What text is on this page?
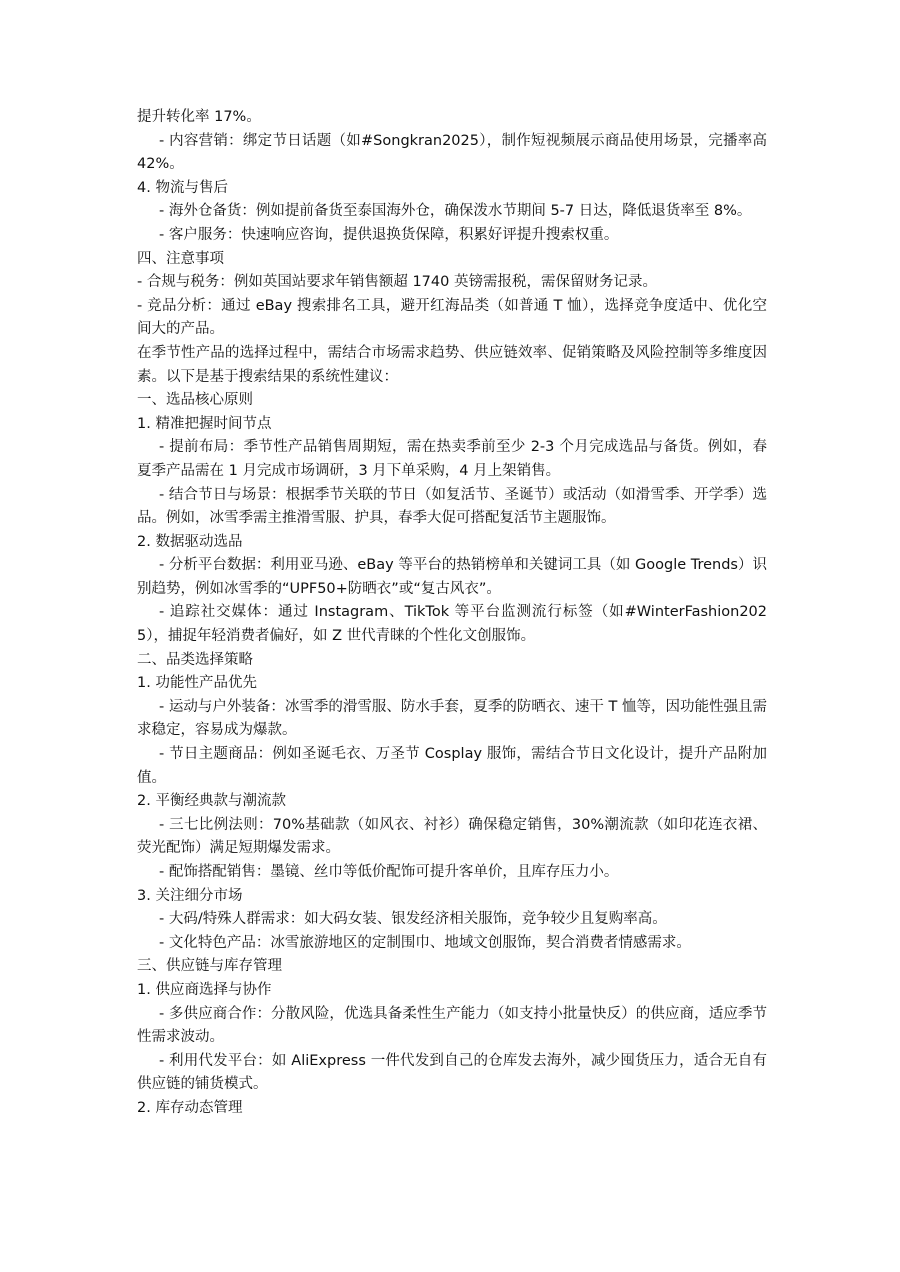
提升转化率 17%。

- 内容营销：绑定节日话题（如#Songkran2025），制作短视频展示商品使用场景，完播率高 42%。

4. 物流与售后

- 海外仓备货：例如提前备货至泰国海外仓，确保泼水节期间 5-7 日达，降低退货率至 8%。

- 客户服务：快速响应咨询，提供退换货保障，积累好评提升搜索权重。

四、注意事项

- 合规与税务：例如英国站要求年销售额超 1740 英镑需报税，需保留财务记录。

- 竞品分析：通过 eBay 搜索排名工具，避开红海品类（如普通 T 恤），选择竞争度适中、优化空间大的产品。

在季节性产品的选择过程中，需结合市场需求趋势、供应链效率、促销策略及风险控制等多维度因素。以下是基于搜索结果的系统性建议：

一、选品核心原则

1. 精准把握时间节点

- 提前布局：季节性产品销售周期短，需在热卖季前至少 2-3 个月完成选品与备货。例如，春夏季产品需在 1 月完成市场调研，3 月下单采购，4 月上架销售。

- 结合节日与场景：根据季节关联的节日（如复活节、圣诞节）或活动（如滑雪季、开学季）选品。例如，冰雪季需主推滑雪服、护具，春季大促可搭配复活节主题服饰。

2. 数据驱动选品

- 分析平台数据：利用亚马逊、eBay 等平台的热销榜单和关键词工具（如 Google Trends）识别趋势，例如冰雪季的“UPF50+防晒衣”或“复古风衣”。

- 追踪社交媒体：通过 Instagram、TikTok 等平台监测流行标签（如#WinterFashion2025），捕捉年轻消费者偏好，如 Z 世代青睐的个性化文创服饰。

二、品类选择策略

1. 功能性产品优先

- 运动与户外装备：冰雪季的滑雪服、防水手套，夏季的防晒衣、速干 T 恤等，因功能性强且需求稳定，容易成为爆款。

- 节日主题商品：例如圣诞毛衣、万圣节 Cosplay 服饰，需结合节日文化设计，提升产品附加值。

2. 平衡经典款与潮流款

- 三七比例法则：70%基础款（如风衣、衬衫）确保稳定销售，30%潮流款（如印花连衣裙、荧光配饰）满足短期爆发需求。

- 配饰搭配销售：墨镜、丝巾等低价配饰可提升客单价，且库存压力小。

3. 关注细分市场

- 大码/特殊人群需求：如大码女装、银发经济相关服饰，竞争较少且复购率高。

- 文化特色产品：冰雪旅游地区的定制围巾、地域文创服饰，契合消费者情感需求。

三、供应链与库存管理

1. 供应商选择与协作

- 多供应商合作：分散风险，优选具备柔性生产能力（如支持小批量快反）的供应商，适应季节性需求波动。

- 利用代发平台：如 AliExpress 一件代发到自己的仓库发去海外，减少囤货压力，适合无自有供应链的铺货模式。

2. 库存动态管理
